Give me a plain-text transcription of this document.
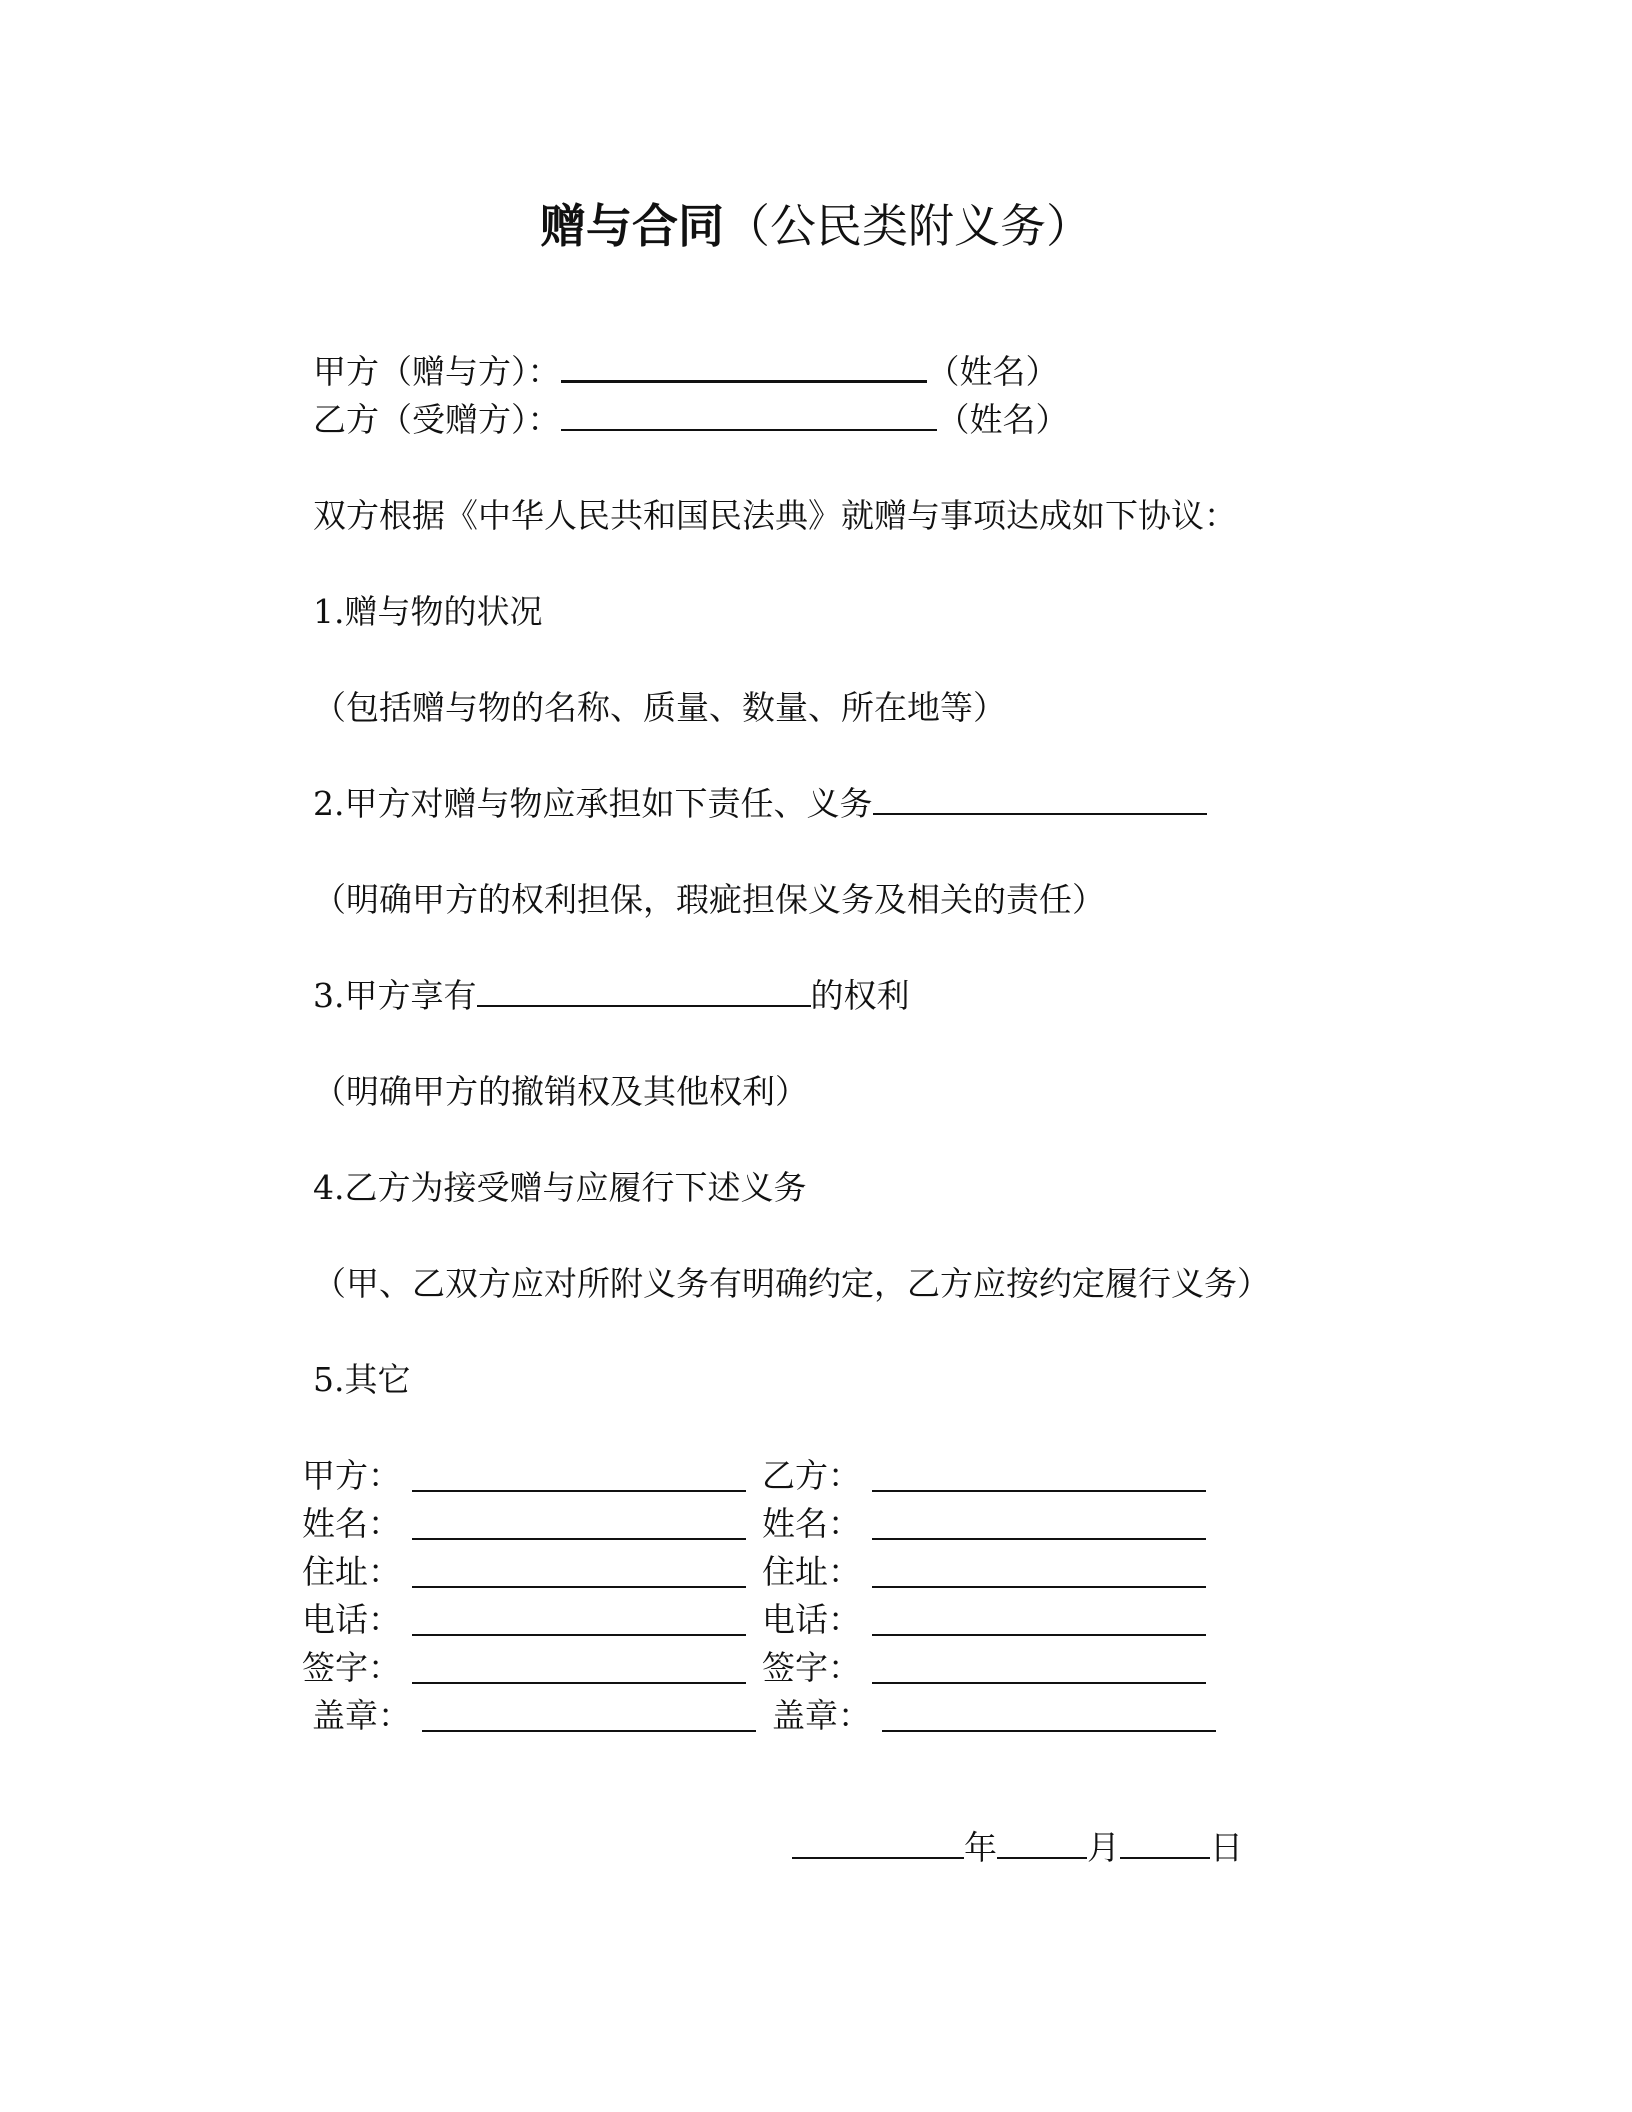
赠与合同（公民类附义务）
甲方（赠与方）：	（姓名）
乙方（受赠方）：	（姓名）
双方根据《中华人民共和国民法典》就赠与事项达成如下协议：
1.赠与物的状况
（包括赠与物的名称、质量、数量、所在地等）
2.甲方对赠与物应承担如下责任、义务
（明确甲方的权利担保，瑕疵担保义务及相关的责任）
3.甲方享有	的权利
（明确甲方的撤销权及其他权利）
4.乙方为接受赠与应履行下述义务
（甲、乙双方应对所附义务有明确约定，乙方应按约定履行义务）
5.其它
甲方：	乙方：
姓名：	姓名：
住址：	住址：
电话：	电话：
签字：	签字：
盖章：	盖章：
年	月	日
